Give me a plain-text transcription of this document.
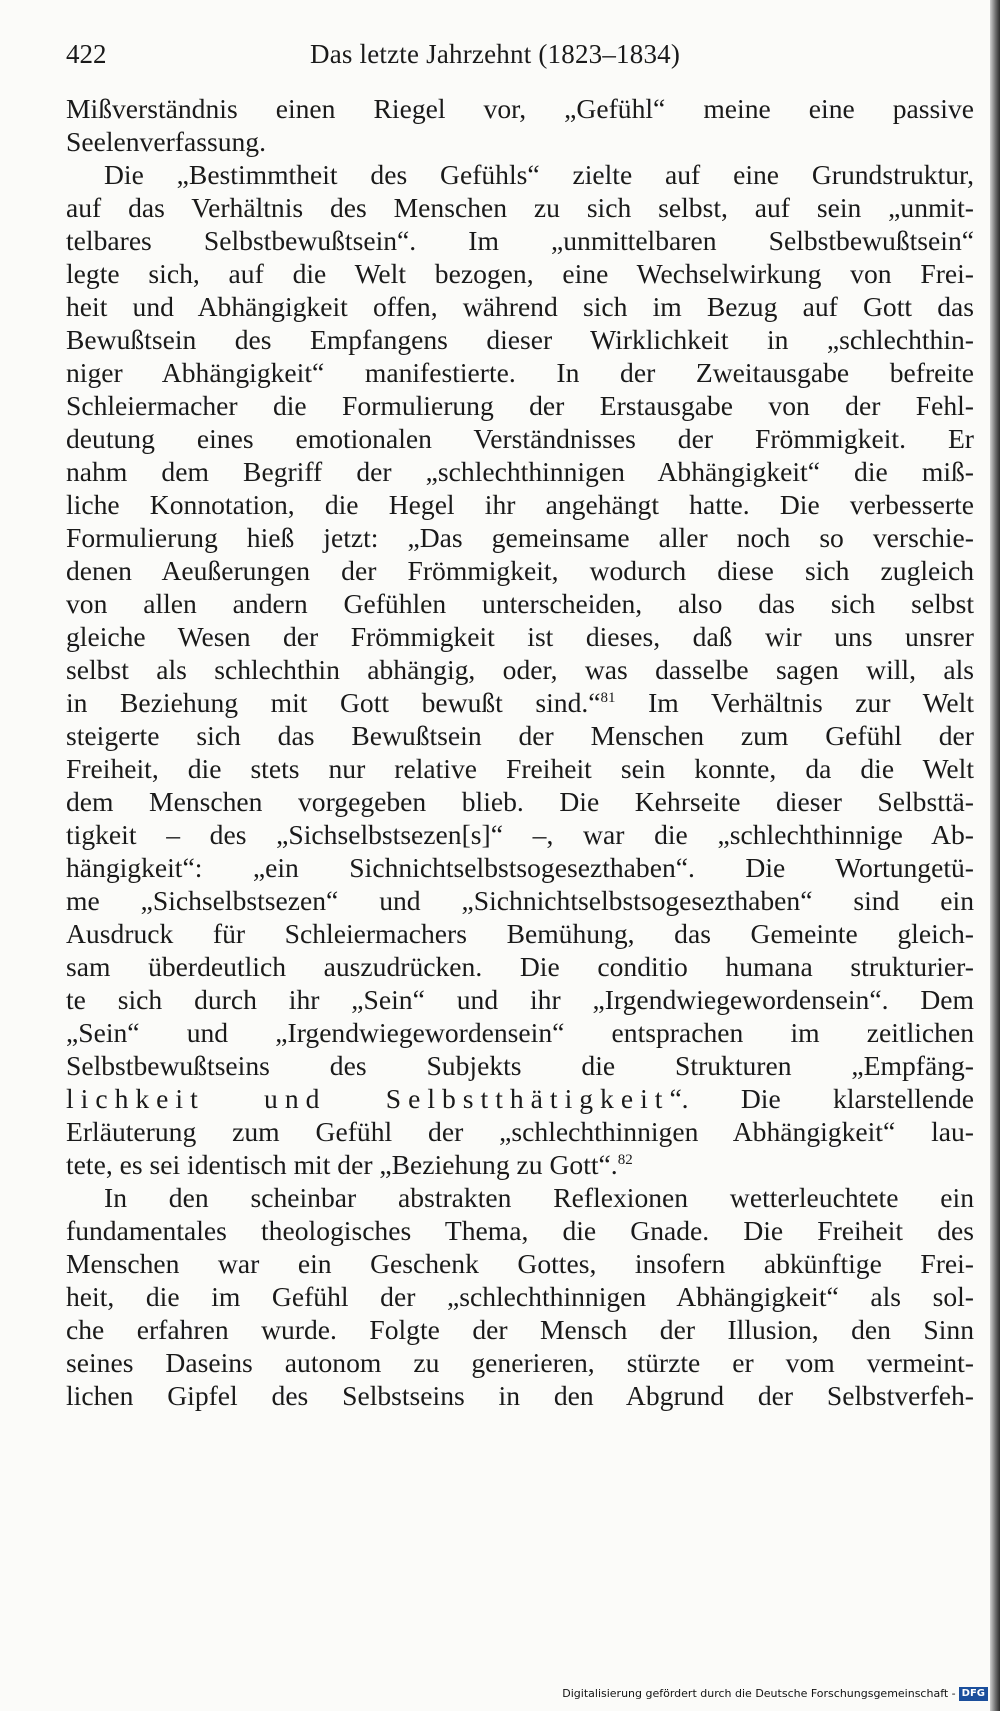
422	Das letzte Jahrzehnt (1823–1834)
Mißverständnis einen Riegel vor, „Gefühl“ meine eine passive
Seelenverfassung.
Die „Bestimmtheit des Gefühls“ zielte auf eine Grundstruktur,
auf das Verhältnis des Menschen zu sich selbst, auf sein „unmit-
telbares Selbstbewußtsein“. Im „unmittelbaren Selbstbewußtsein“
legte sich, auf die Welt bezogen, eine Wechselwirkung von Frei-
heit und Abhängigkeit offen, während sich im Bezug auf Gott das
Bewußtsein des Empfangens dieser Wirklichkeit in „schlechthin-
niger Abhängigkeit“ manifestierte. In der Zweitausgabe befreite
Schleiermacher die Formulierung der Erstausgabe von der Fehl-
deutung eines emotionalen Verständnisses der Frömmigkeit. Er
nahm dem Begriff der „schlechthinnigen Abhängigkeit“ die miß-
liche Konnotation, die Hegel ihr angehängt hatte. Die verbesserte
Formulierung hieß jetzt: „Das gemeinsame aller noch so verschie-
denen Aeußerungen der Frömmigkeit, wodurch diese sich zugleich
von allen andern Gefühlen unterscheiden, also das sich selbst
gleiche Wesen der Frömmigkeit ist dieses, daß wir uns unsrer
selbst als schlechthin abhängig, oder, was dasselbe sagen will, als
in Beziehung mit Gott bewußt sind.“$^{81}$ Im Verhältnis zur Welt
steigerte sich das Bewußtsein der Menschen zum Gefühl der
Freiheit, die stets nur relative Freiheit sein konnte, da die Welt
dem Menschen vorgegeben blieb. Die Kehrseite dieser Selbsttä-
tigkeit – des „Sichselbstsezen[s]“ –, war die „schlechthinnige Ab-
hängigkeit“: „ein Sichnichtselbstsogesezthaben“. Die Wortungetü-
me „Sichselbstsezen“ und „Sichnichtselbstsogesezthaben“ sind ein
Ausdruck für Schleiermachers Bemühung, das Gemeinte gleich-
sam überdeutlich auszudrücken. Die conditio humana strukturier-
te sich durch ihr „Sein“ und ihr „Irgendwiegewordensein“. Dem
„Sein“ und „Irgendwiegewordensein“ entsprachen im zeitlichen
Selbstbewußtseins des Subjekts die Strukturen „Empfäng-
lichkeit und Selbstthätigkeit“. Die klarstellende
Erläuterung zum Gefühl der „schlechthinnigen Abhängigkeit“ lau-
tete, es sei identisch mit der „Beziehung zu Gott“.$^{82}$
In den scheinbar abstrakten Reflexionen wetterleuchtete ein
fundamentales theologisches Thema, die Gnade. Die Freiheit des
Menschen war ein Geschenk Gottes, insofern abkünftige Frei-
heit, die im Gefühl der „schlechthinnigen Abhängigkeit“ als sol-
che erfahren wurde. Folgte der Mensch der Illusion, den Sinn
seines Daseins autonom zu generieren, stürzte er vom vermeint-
lichen Gipfel des Selbstseins in den Abgrund der Selbstverfeh-
Digitalisierung gefördert durch die Deutsche Forschungsgemeinschaft - DFG
